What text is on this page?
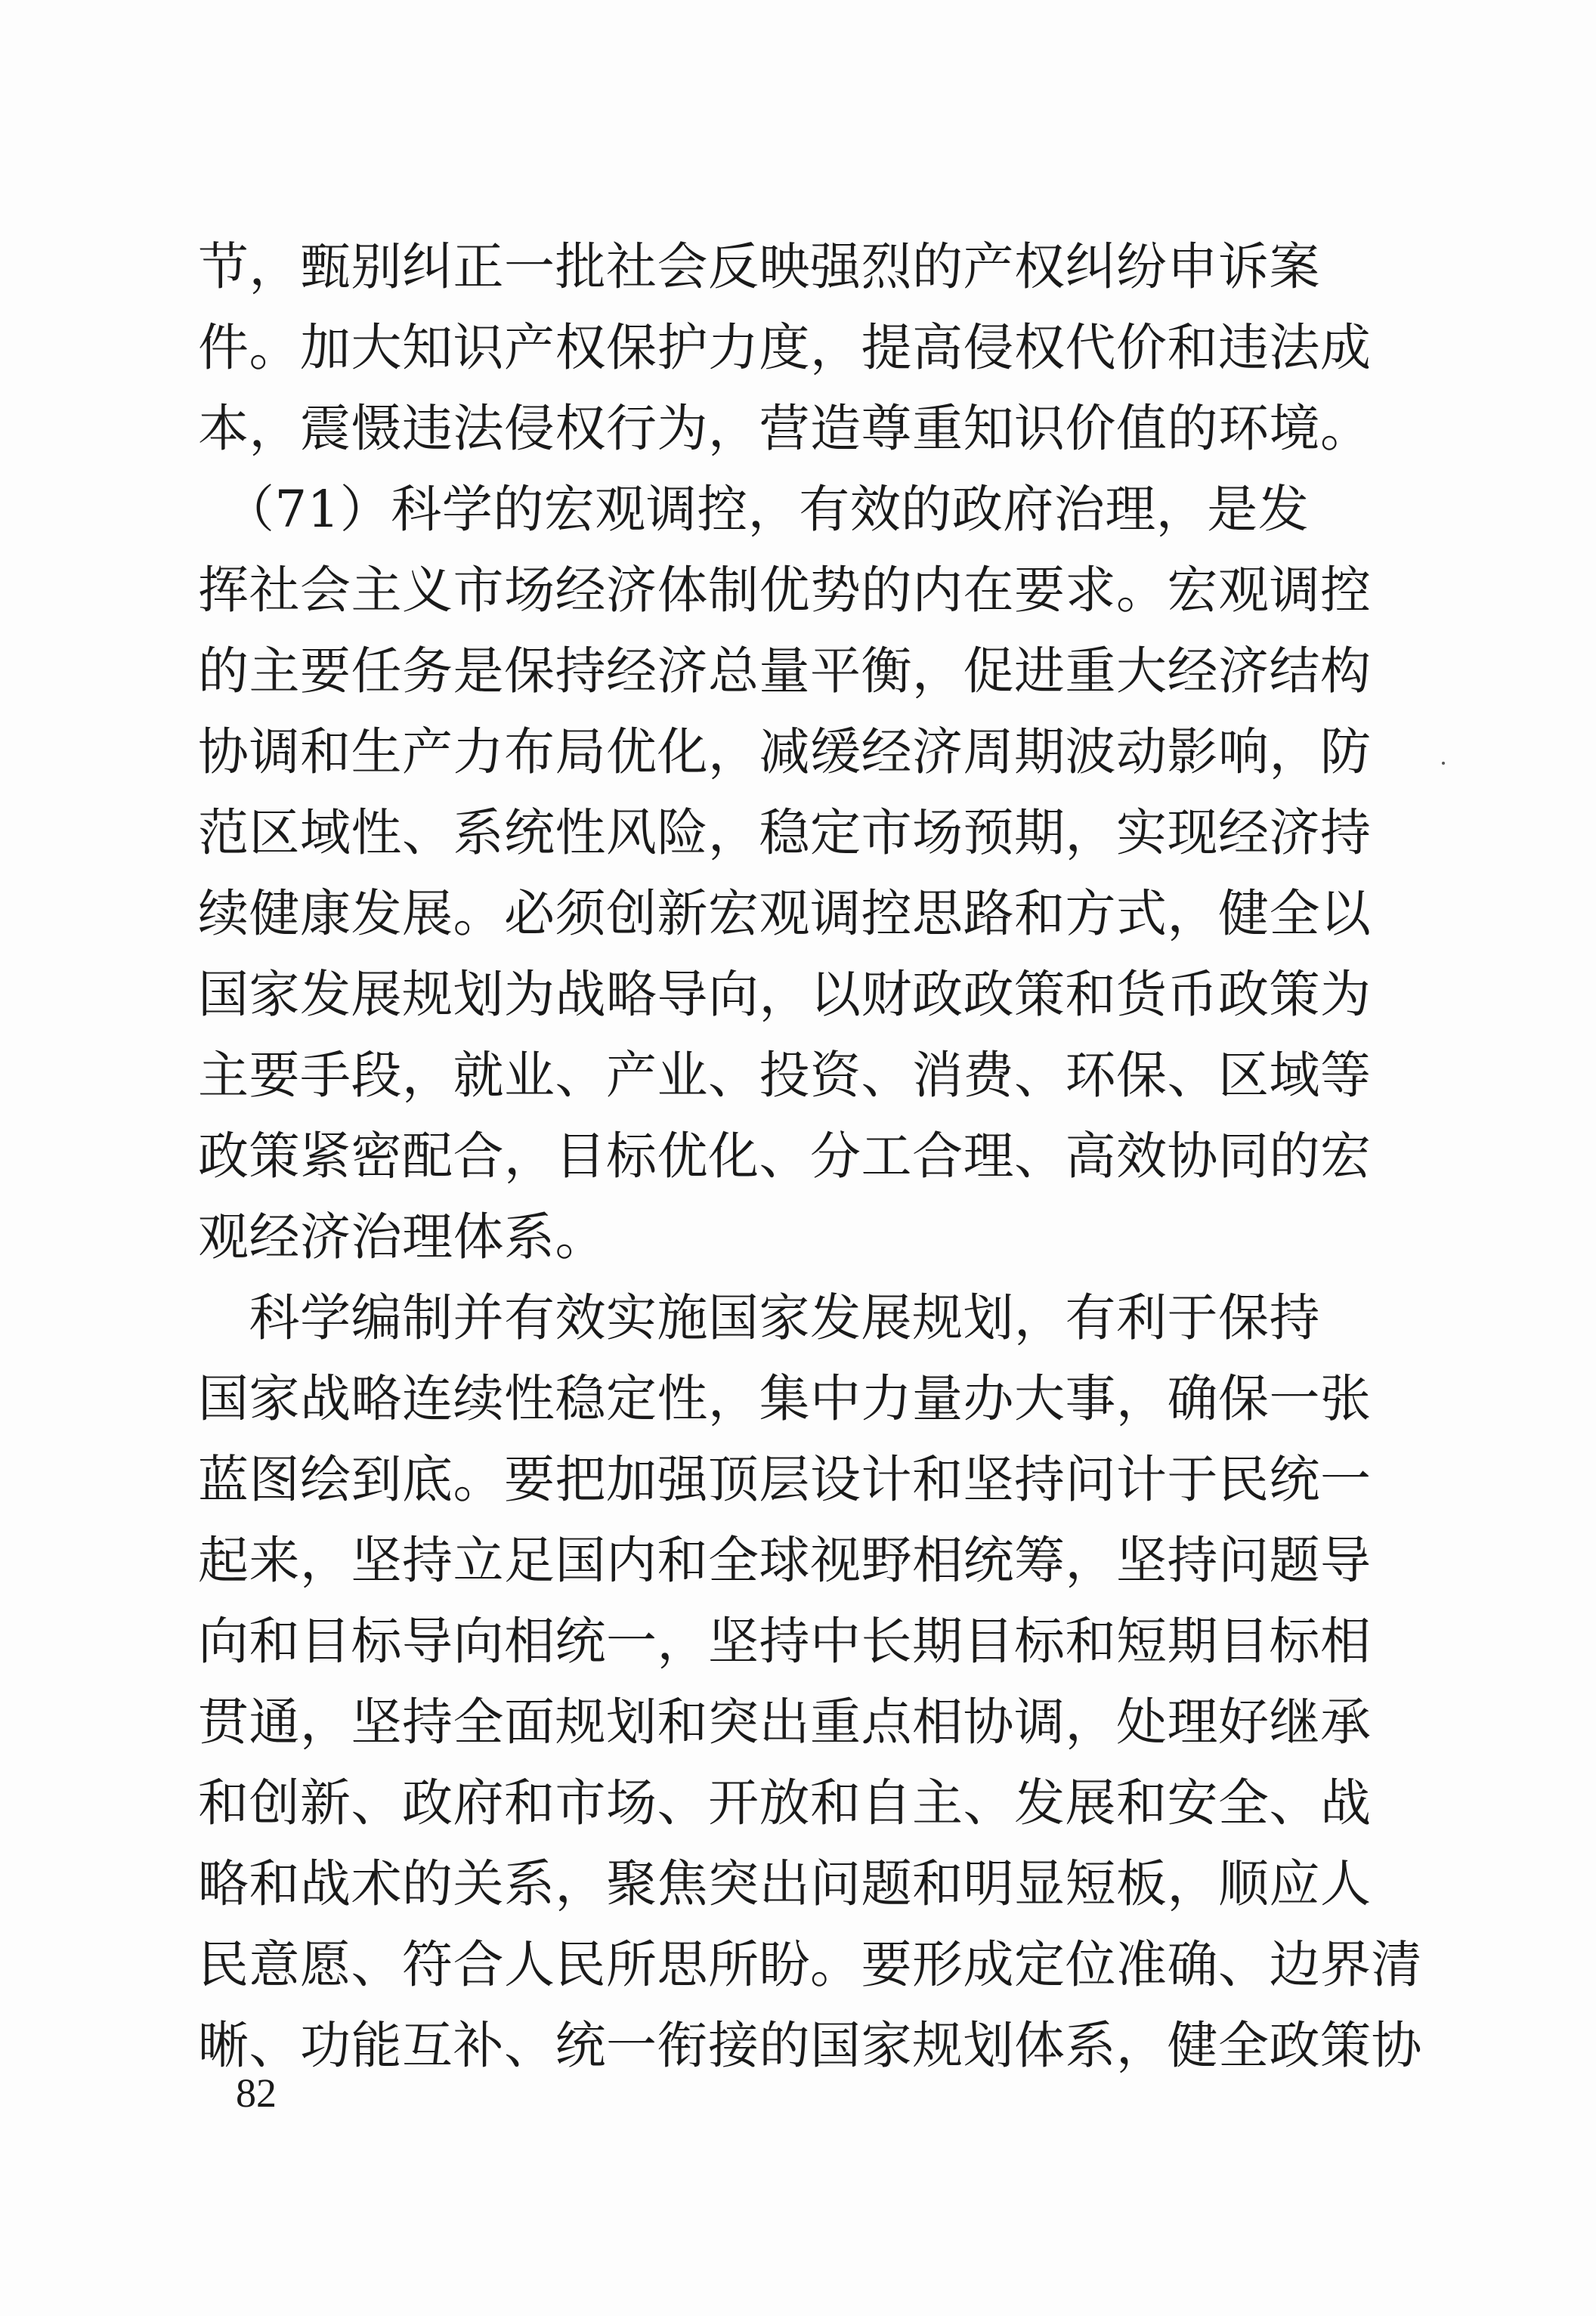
节，甄别纠正一批社会反映强烈的产权纠纷申诉案
件。加大知识产权保护力度，提高侵权代价和违法成
本，震慑违法侵权行为，营造尊重知识价值的环境。
　（71）科学的宏观调控，有效的政府治理，是发
挥社会主义市场经济体制优势的内在要求。宏观调控
的主要任务是保持经济总量平衡，促进重大经济结构
协调和生产力布局优化，减缓经济周期波动影响，防
范区域性、系统性风险，稳定市场预期，实现经济持
续健康发展。必须创新宏观调控思路和方式，健全以
国家发展规划为战略导向，以财政政策和货币政策为
主要手段，就业、产业、投资、消费、环保、区域等
政策紧密配合，目标优化、分工合理、高效协同的宏
观经济治理体系。
　科学编制并有效实施国家发展规划，有利于保持
国家战略连续性稳定性，集中力量办大事，确保一张
蓝图绘到底。要把加强顶层设计和坚持问计于民统一
起来，坚持立足国内和全球视野相统筹，坚持问题导
向和目标导向相统一，坚持中长期目标和短期目标相
贯通，坚持全面规划和突出重点相协调，处理好继承
和创新、政府和市场、开放和自主、发展和安全、战
略和战术的关系，聚焦突出问题和明显短板，顺应人
民意愿、符合人民所思所盼。要形成定位准确、边界清
晰、功能互补、统一衔接的国家规划体系，健全政策协
82
